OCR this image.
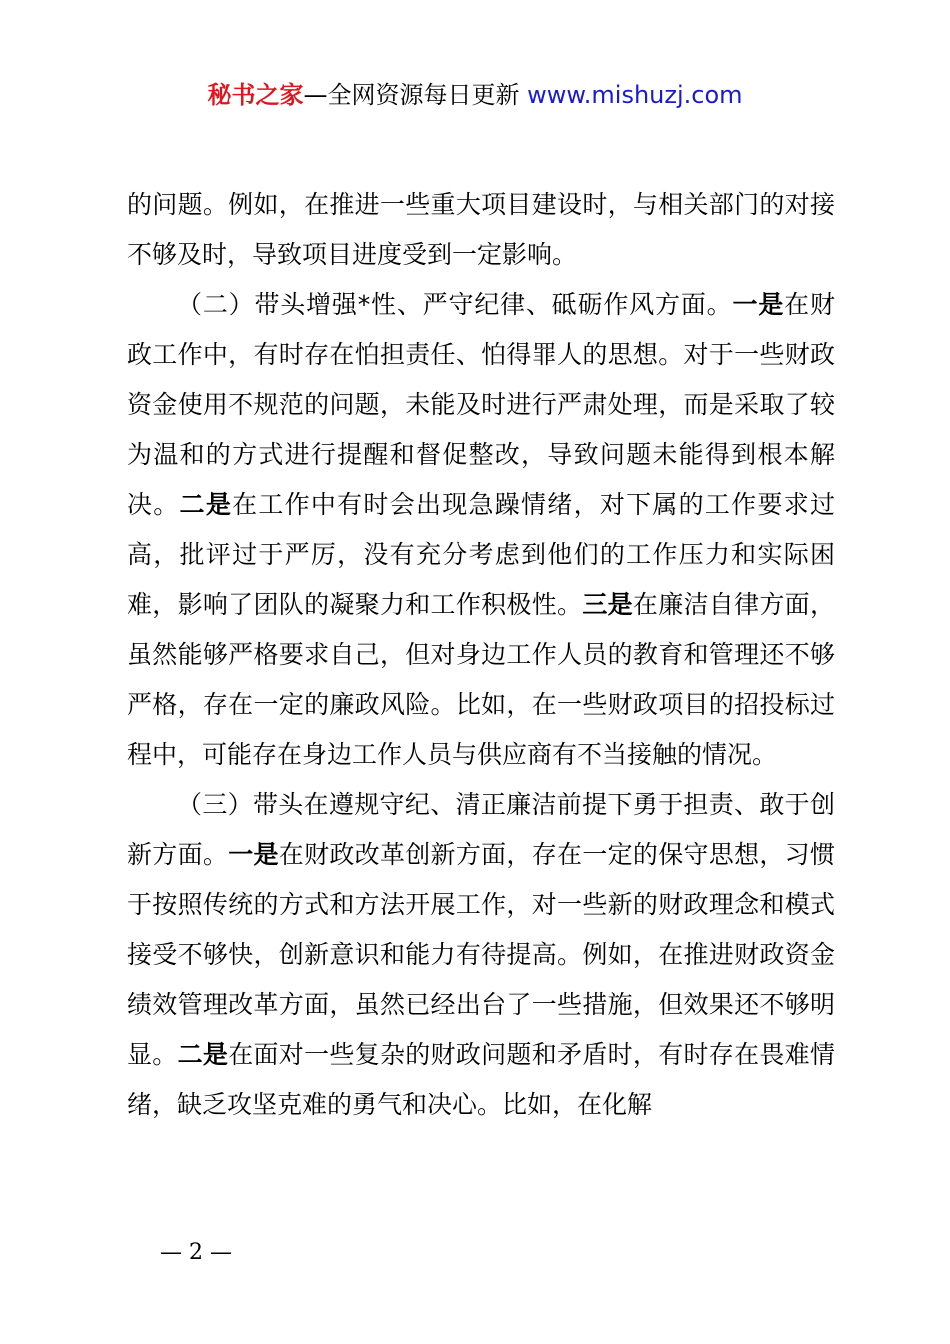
秘书之家—全网资源每日更新 www.mishuzj.com

的问题。例如，在推进一些重大项目建设时，与相关部门的对接不够及时，导致项目进度受到一定影响。

（二）带头增强*性、严守纪律、砥砺作风方面。一是在财政工作中，有时存在怕担责任、怕得罪人的思想。对于一些财政资金使用不规范的问题，未能及时进行严肃处理，而是采取了较为温和的方式进行提醒和督促整改，导致问题未能得到根本解决。二是在工作中有时会出现急躁情绪，对下属的工作要求过高，批评过于严厉，没有充分考虑到他们的工作压力和实际困难，影响了团队的凝聚力和工作积极性。三是在廉洁自律方面，虽然能够严格要求自己，但对身边工作人员的教育和管理还不够严格，存在一定的廉政风险。比如，在一些财政项目的招投标过程中，可能存在身边工作人员与供应商有不当接触的情况。

（三）带头在遵规守纪、清正廉洁前提下勇于担责、敢于创新方面。一是在财政改革创新方面，存在一定的保守思想，习惯于按照传统的方式和方法开展工作，对一些新的财政理念和模式接受不够快，创新意识和能力有待提高。例如，在推进财政资金绩效管理改革方面，虽然已经出台了一些措施，但效果还不够明显。二是在面对一些复杂的财政问题和矛盾时，有时存在畏难情绪，缺乏攻坚克难的勇气和决心。比如，在化解

— 2 —
